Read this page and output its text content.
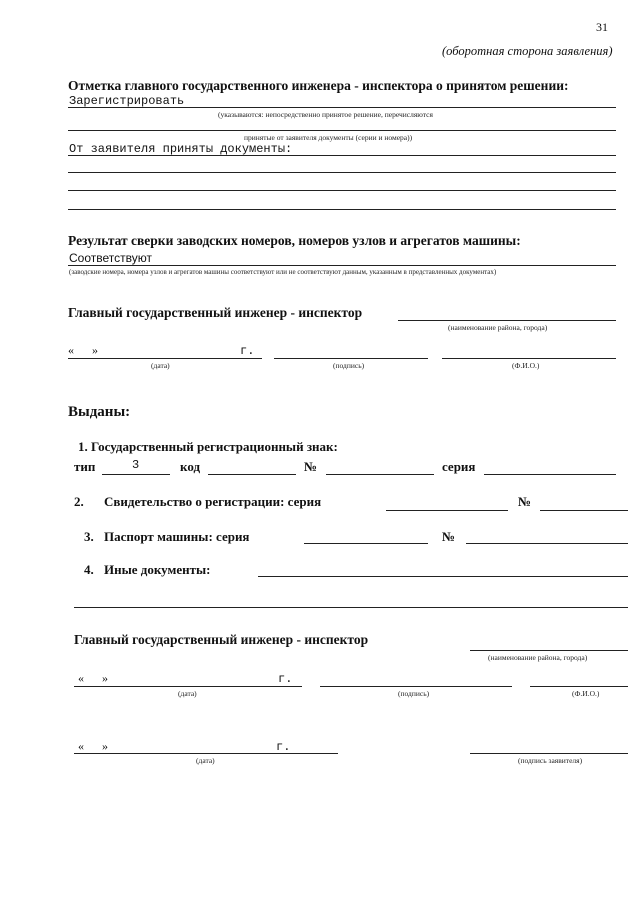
31
(оборотная сторона заявления)
Отметка главного государственного инженера - инспектора о принятом решении:
Зарегистрировать
(указываются: непосредственно принятое решение, перечисляются
принятые от заявителя документы (серии и номера))
От заявителя приняты документы:
Результат сверки заводских номеров, номеров узлов и агрегатов машины:
Соответствуют
(заводские номера, номера узлов и агрегатов машины соответствуют или не соответствуют данным, указанным в представленных документах)
Главный государственный инженер - инспектор
(наименование района, города)
« »	г.
(дата)	(подпись)	(Ф.И.О.)
Выданы:
1. Государственный регистрационный знак:
тип	3	код	№	серия
2. Свидетельство о регистрации: серия	№
3. Паспорт машины: серия	№
4. Иные документы:
Главный государственный инженер - инспектор
(наименование района, города)
« »	г.
(дата)	(подпись)	(Ф.И.О.)
« »	г.
(дата)	(подпись заявителя)
